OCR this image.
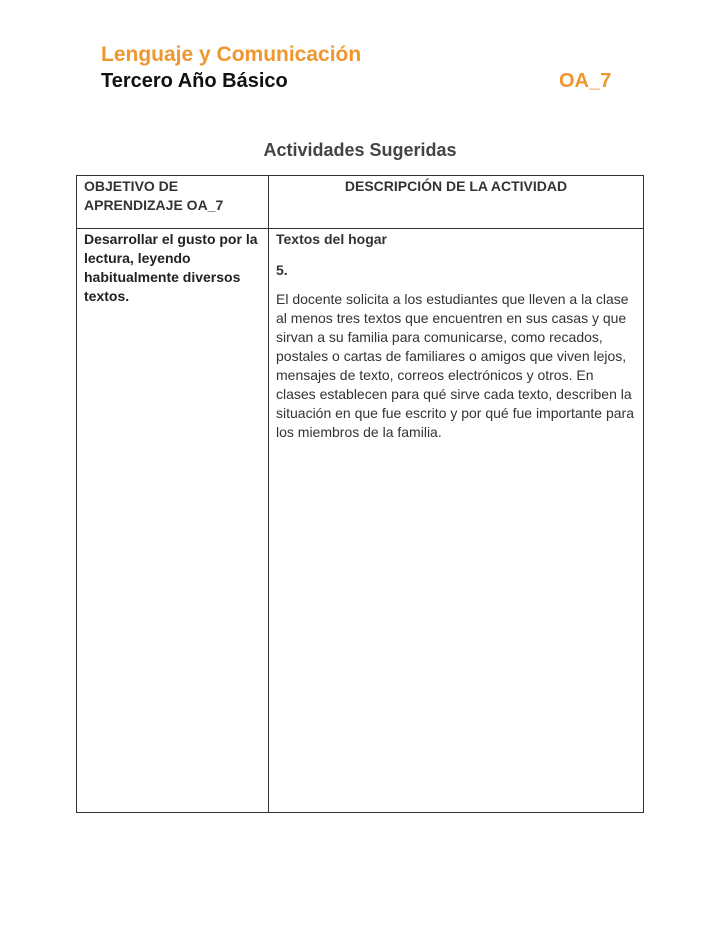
Lenguaje y Comunicación
Tercero Año Básico	OA_7
Actividades Sugeridas
OBJETIVO DE APRENDIZAJE OA_7	DESCRIPCIÓN DE LA ACTIVIDAD
Desarrollar el gusto por la lectura, leyendo habitualmente diversos textos.	Textos del hogar

5.

El docente solicita a los estudiantes que lleven a la clase al menos tres textos que encuentren en sus casas y que sirvan a su familia para comunicarse, como recados, postales o cartas de familiares o amigos que viven lejos, mensajes de texto, correos electrónicos y otros. En clases establecen para qué sirve cada texto, describen la situación en que fue escrito y por qué fue importante para los miembros de la familia.
